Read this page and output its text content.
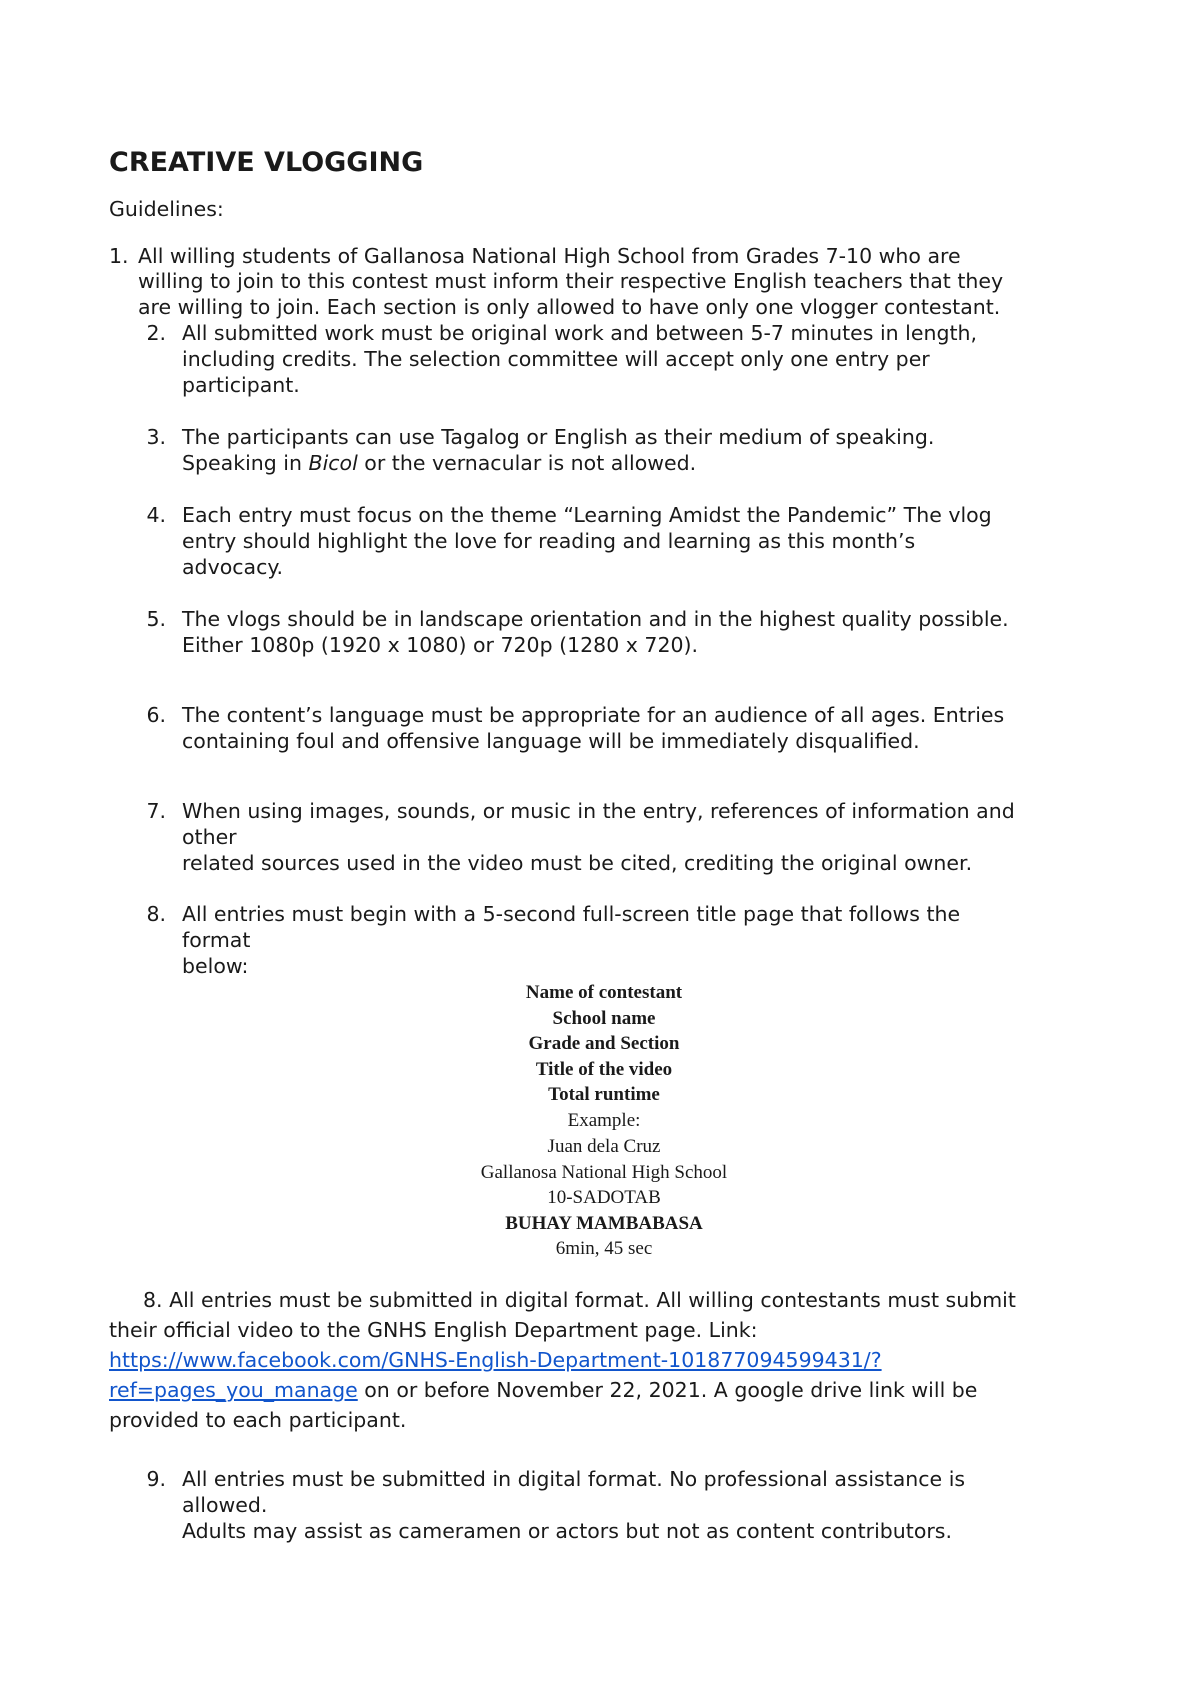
CREATIVE VLOGGING
Guidelines:
1. All willing students of Gallanosa National High School from Grades 7-10 who are
willing to join to this contest must inform their respective English teachers that they
are willing to join. Each section is only allowed to have only one vlogger contestant.
2. All submitted work must be original work and between 5-7 minutes in length,
including credits. The selection committee will accept only one entry per
participant.
3. The participants can use Tagalog or English as their medium of speaking.
Speaking in Bicol or the vernacular is not allowed.
4. Each entry must focus on the theme “Learning Amidst the Pandemic” The vlog
entry should highlight the love for reading and learning as this month’s
advocacy.
5. The vlogs should be in landscape orientation and in the highest quality possible.
Either 1080p (1920 x 1080) or 720p (1280 x 720).
6. The content’s language must be appropriate for an audience of all ages. Entries
containing foul and offensive language will be immediately disqualified.
7. When using images, sounds, or music in the entry, references of information and
other
related sources used in the video must be cited, crediting the original owner.
8. All entries must begin with a 5-second full-screen title page that follows the
format
below:
Name of contestant
School name
Grade and Section
Title of the video
Total runtime
Example:
Juan dela Cruz
Gallanosa National High School
10-SADOTAB
BUHAY MAMBABASA
6min, 45 sec
8. All entries must be submitted in digital format. All willing contestants must submit
their official video to the GNHS English Department page. Link:
https://www.facebook.com/GNHS-English-Department-101877094599431/?
ref=pages_you_manage on or before November 22, 2021. A google drive link will be
provided to each participant.
9. All entries must be submitted in digital format. No professional assistance is
allowed.
Adults may assist as cameramen or actors but not as content contributors.
